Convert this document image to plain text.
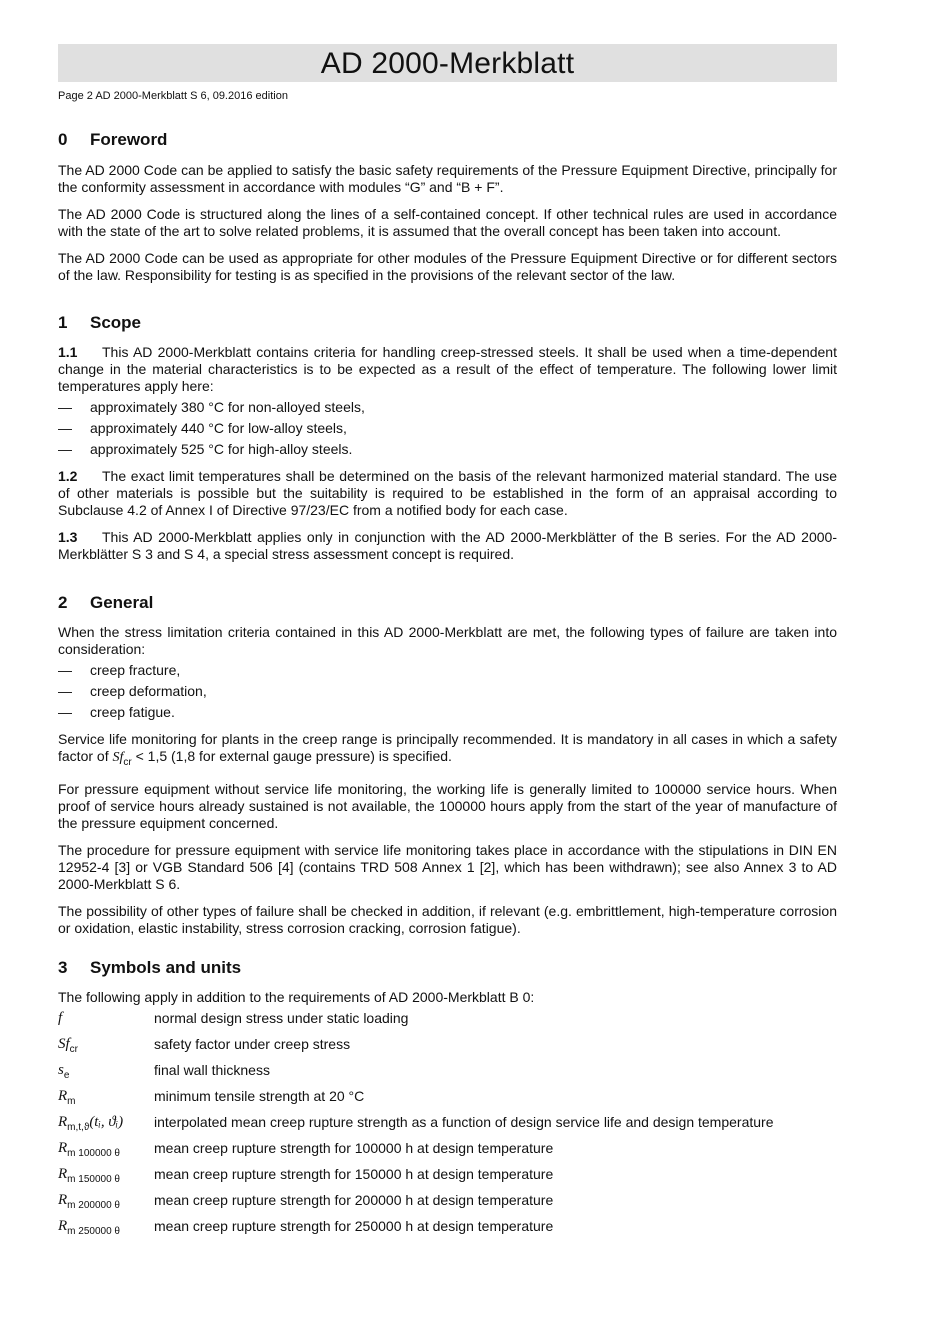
AD 2000-Merkblatt
Page 2 AD 2000-Merkblatt S 6, 09.2016 edition
0	Foreword

The AD 2000 Code can be applied to satisfy the basic safety requirements of the Pressure Equipment Directive, principally for the conformity assessment in accordance with modules “G” and “B + F”.

The AD 2000 Code is structured along the lines of a self-contained concept. If other technical rules are used in accordance with the state of the art to solve related problems, it is assumed that the overall concept has been taken into account.

The AD 2000 Code can be used as appropriate for other modules of the Pressure Equipment Directive or for different sectors of the law. Responsibility for testing is as specified in the provisions of the relevant sector of the law.

1	Scope

1.1 This AD 2000-Merkblatt contains criteria for handling creep-stressed steels. It shall be used when a time-dependent change in the material characteristics is to be expected as a result of the effect of temperature. The following lower limit temperatures apply here:

—	approximately 380 °C for non-alloyed steels,
—	approximately 440 °C for low-alloy steels,
—	approximately 525 °C for high-alloy steels.

1.2 The exact limit temperatures shall be determined on the basis of the relevant harmonized material standard. The use of other materials is possible but the suitability is required to be established in the form of an appraisal according to Subclause 4.2 of Annex I of Directive 97/23/EC from a notified body for each case.

1.3 This AD 2000-Merkblatt applies only in conjunction with the AD 2000-Merkblätter of the B series. For the AD 2000-Merkblätter S 3 and S 4, a special stress assessment concept is required.

2	General

When the stress limitation criteria contained in this AD 2000-Merkblatt are met, the following types of failure are taken into consideration:

—	creep fracture,
—	creep deformation,
—	creep fatigue.

Service life monitoring for plants in the creep range is principally recommended. It is mandatory in all cases in which a safety factor of $Sf_{cr} < 1,5$ (1,8 for external gauge pressure) is specified.

For pressure equipment without service life monitoring, the working life is generally limited to 100000 service hours. When proof of service hours already sustained is not available, the 100000 hours apply from the start of the year of manufacture of the pressure equipment concerned.

The procedure for pressure equipment with service life monitoring takes place in accordance with the stipulations in DIN EN 12952-4 [3] or VGB Standard 506 [4] (contains TRD 508 Annex 1 [2], which has been withdrawn); see also Annex 3 to AD 2000-Merkblatt S 6.

The possibility of other types of failure shall be checked in addition, if relevant (e.g. embrittlement, high-temperature corrosion or oxidation, elastic instability, stress corrosion cracking, corrosion fatigue).

3	Symbols and units

The following apply in addition to the requirements of AD 2000-Merkblatt B 0:

f	normal design stress under static loading
$Sf_{cr}$	safety factor under creep stress
$s_e$	final wall thickness
$R_m$	minimum tensile strength at 20 °C
$R_{m,t,ϑ}(tᵢ$, ϑᵢ)	interpolated mean creep rupture strength as a function of design service life and design temperature
$R_{m 100000 \theta}$	mean creep rupture strength for 100000 h at design temperature
$R_{m 150000 \theta}$	mean creep rupture strength for 150000 h at design temperature
$R_{m 200000 \theta}$	mean creep rupture strength for 200000 h at design temperature
$R_{m 250000 \theta}$	mean creep rupture strength for 250000 h at design temperature
